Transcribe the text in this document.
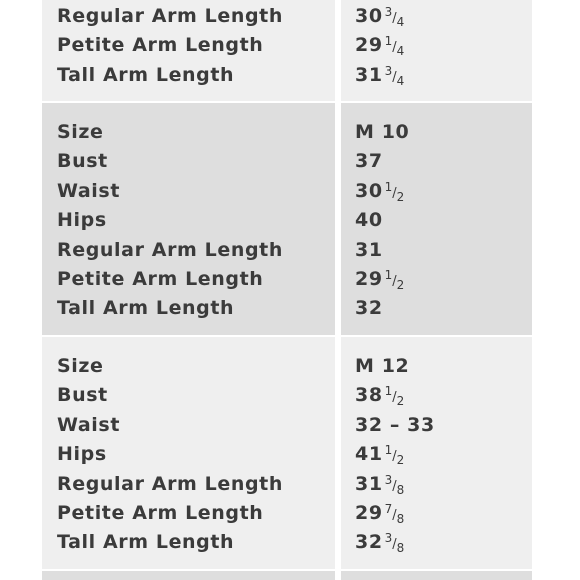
Regular Arm Length	30 $^3/_4$
Petite Arm Length	29 $^1/_4$
Tall Arm Length	31 $^3/_4$
Size	M 10
Bust	37
Waist	30 $^1/_2$
Hips	40
Regular Arm Length	31
Petite Arm Length	29 $^1/_2$
Tall Arm Length	32
Size	M 12
Bust	38 $^1/_2$
Waist	32 – 33
Hips	41 $^1/_2$
Regular Arm Length	31 $^3/_8$
Petite Arm Length	29 $^7/_8$
Tall Arm Length	32 $^3/_8$
